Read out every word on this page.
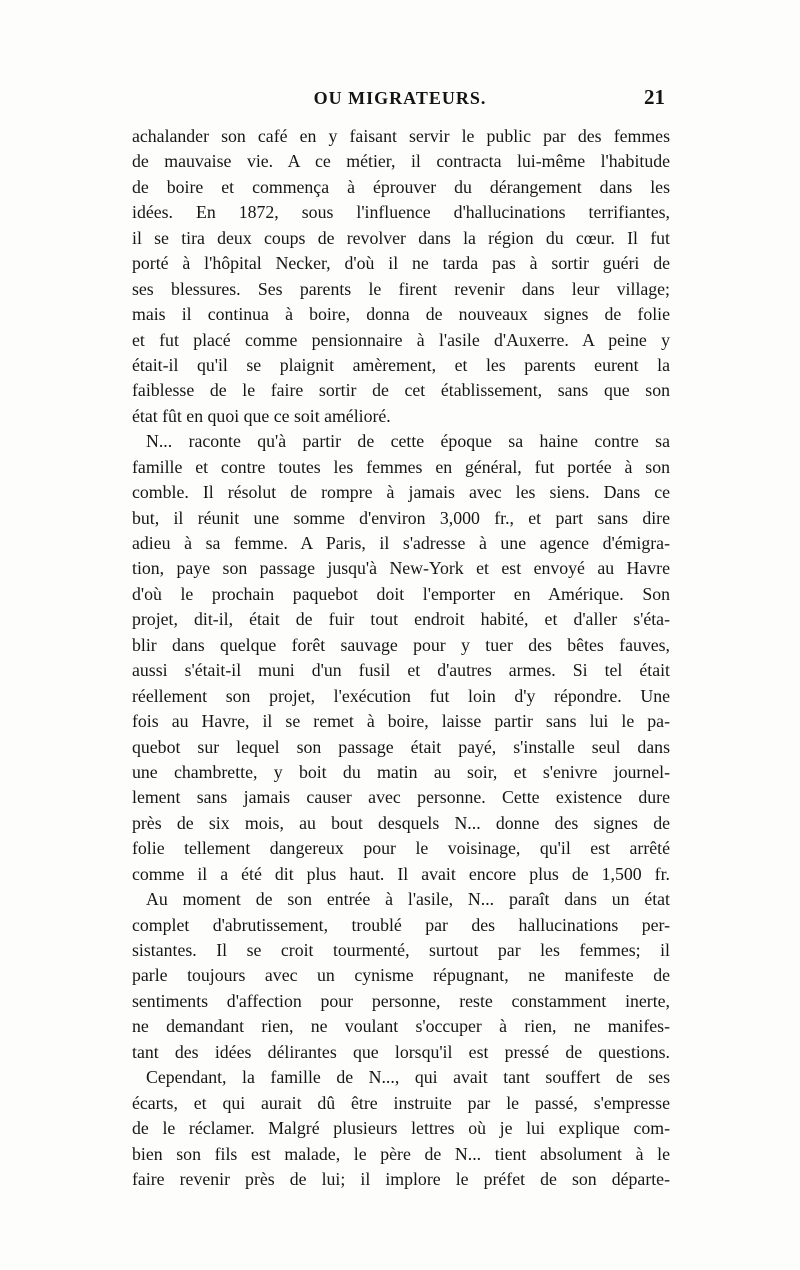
OU MIGRATEURS.	21
achalander son café en y faisant servir le public par des femmes
de mauvaise vie. A ce métier, il contracta lui-même l'habitude
de boire et commença à éprouver du dérangement dans les
idées. En 1872, sous l'influence d'hallucinations terrifiantes,
il se tira deux coups de revolver dans la région du cœur. Il fut
porté à l'hôpital Necker, d'où il ne tarda pas à sortir guéri de
ses blessures. Ses parents le firent revenir dans leur village;
mais il continua à boire, donna de nouveaux signes de folie
et fut placé comme pensionnaire à l'asile d'Auxerre. A peine y
était-il qu'il se plaignit amèrement, et les parents eurent la
faiblesse de le faire sortir de cet établissement, sans que son
état fût en quoi que ce soit amélioré.
N... raconte qu'à partir de cette époque sa haine contre sa
famille et contre toutes les femmes en général, fut portée à son
comble. Il résolut de rompre à jamais avec les siens. Dans ce
but, il réunit une somme d'environ 3,000 fr., et part sans dire
adieu à sa femme. A Paris, il s'adresse à une agence d'émigra-
tion, paye son passage jusqu'à New-York et est envoyé au Havre
d'où le prochain paquebot doit l'emporter en Amérique. Son
projet, dit-il, était de fuir tout endroit habité, et d'aller s'éta-
blir dans quelque forêt sauvage pour y tuer des bêtes fauves,
aussi s'était-il muni d'un fusil et d'autres armes. Si tel était
réellement son projet, l'exécution fut loin d'y répondre. Une
fois au Havre, il se remet à boire, laisse partir sans lui le pa-
quebot sur lequel son passage était payé, s'installe seul dans
une chambrette, y boit du matin au soir, et s'enivre journel-
lement sans jamais causer avec personne. Cette existence dure
près de six mois, au bout desquels N... donne des signes de
folie tellement dangereux pour le voisinage, qu'il est arrêté
comme il a été dit plus haut. Il avait encore plus de 1,500 fr.
Au moment de son entrée à l'asile, N... paraît dans un état
complet d'abrutissement, troublé par des hallucinations per-
sistantes. Il se croit tourmenté, surtout par les femmes; il
parle toujours avec un cynisme répugnant, ne manifeste de
sentiments d'affection pour personne, reste constamment inerte,
ne demandant rien, ne voulant s'occuper à rien, ne manifes-
tant des idées délirantes que lorsqu'il est pressé de questions.
Cependant, la famille de N..., qui avait tant souffert de ses
écarts, et qui aurait dû être instruite par le passé, s'empresse
de le réclamer. Malgré plusieurs lettres où je lui explique com-
bien son fils est malade, le père de N... tient absolument à le
faire revenir près de lui; il implore le préfet de son départe-
